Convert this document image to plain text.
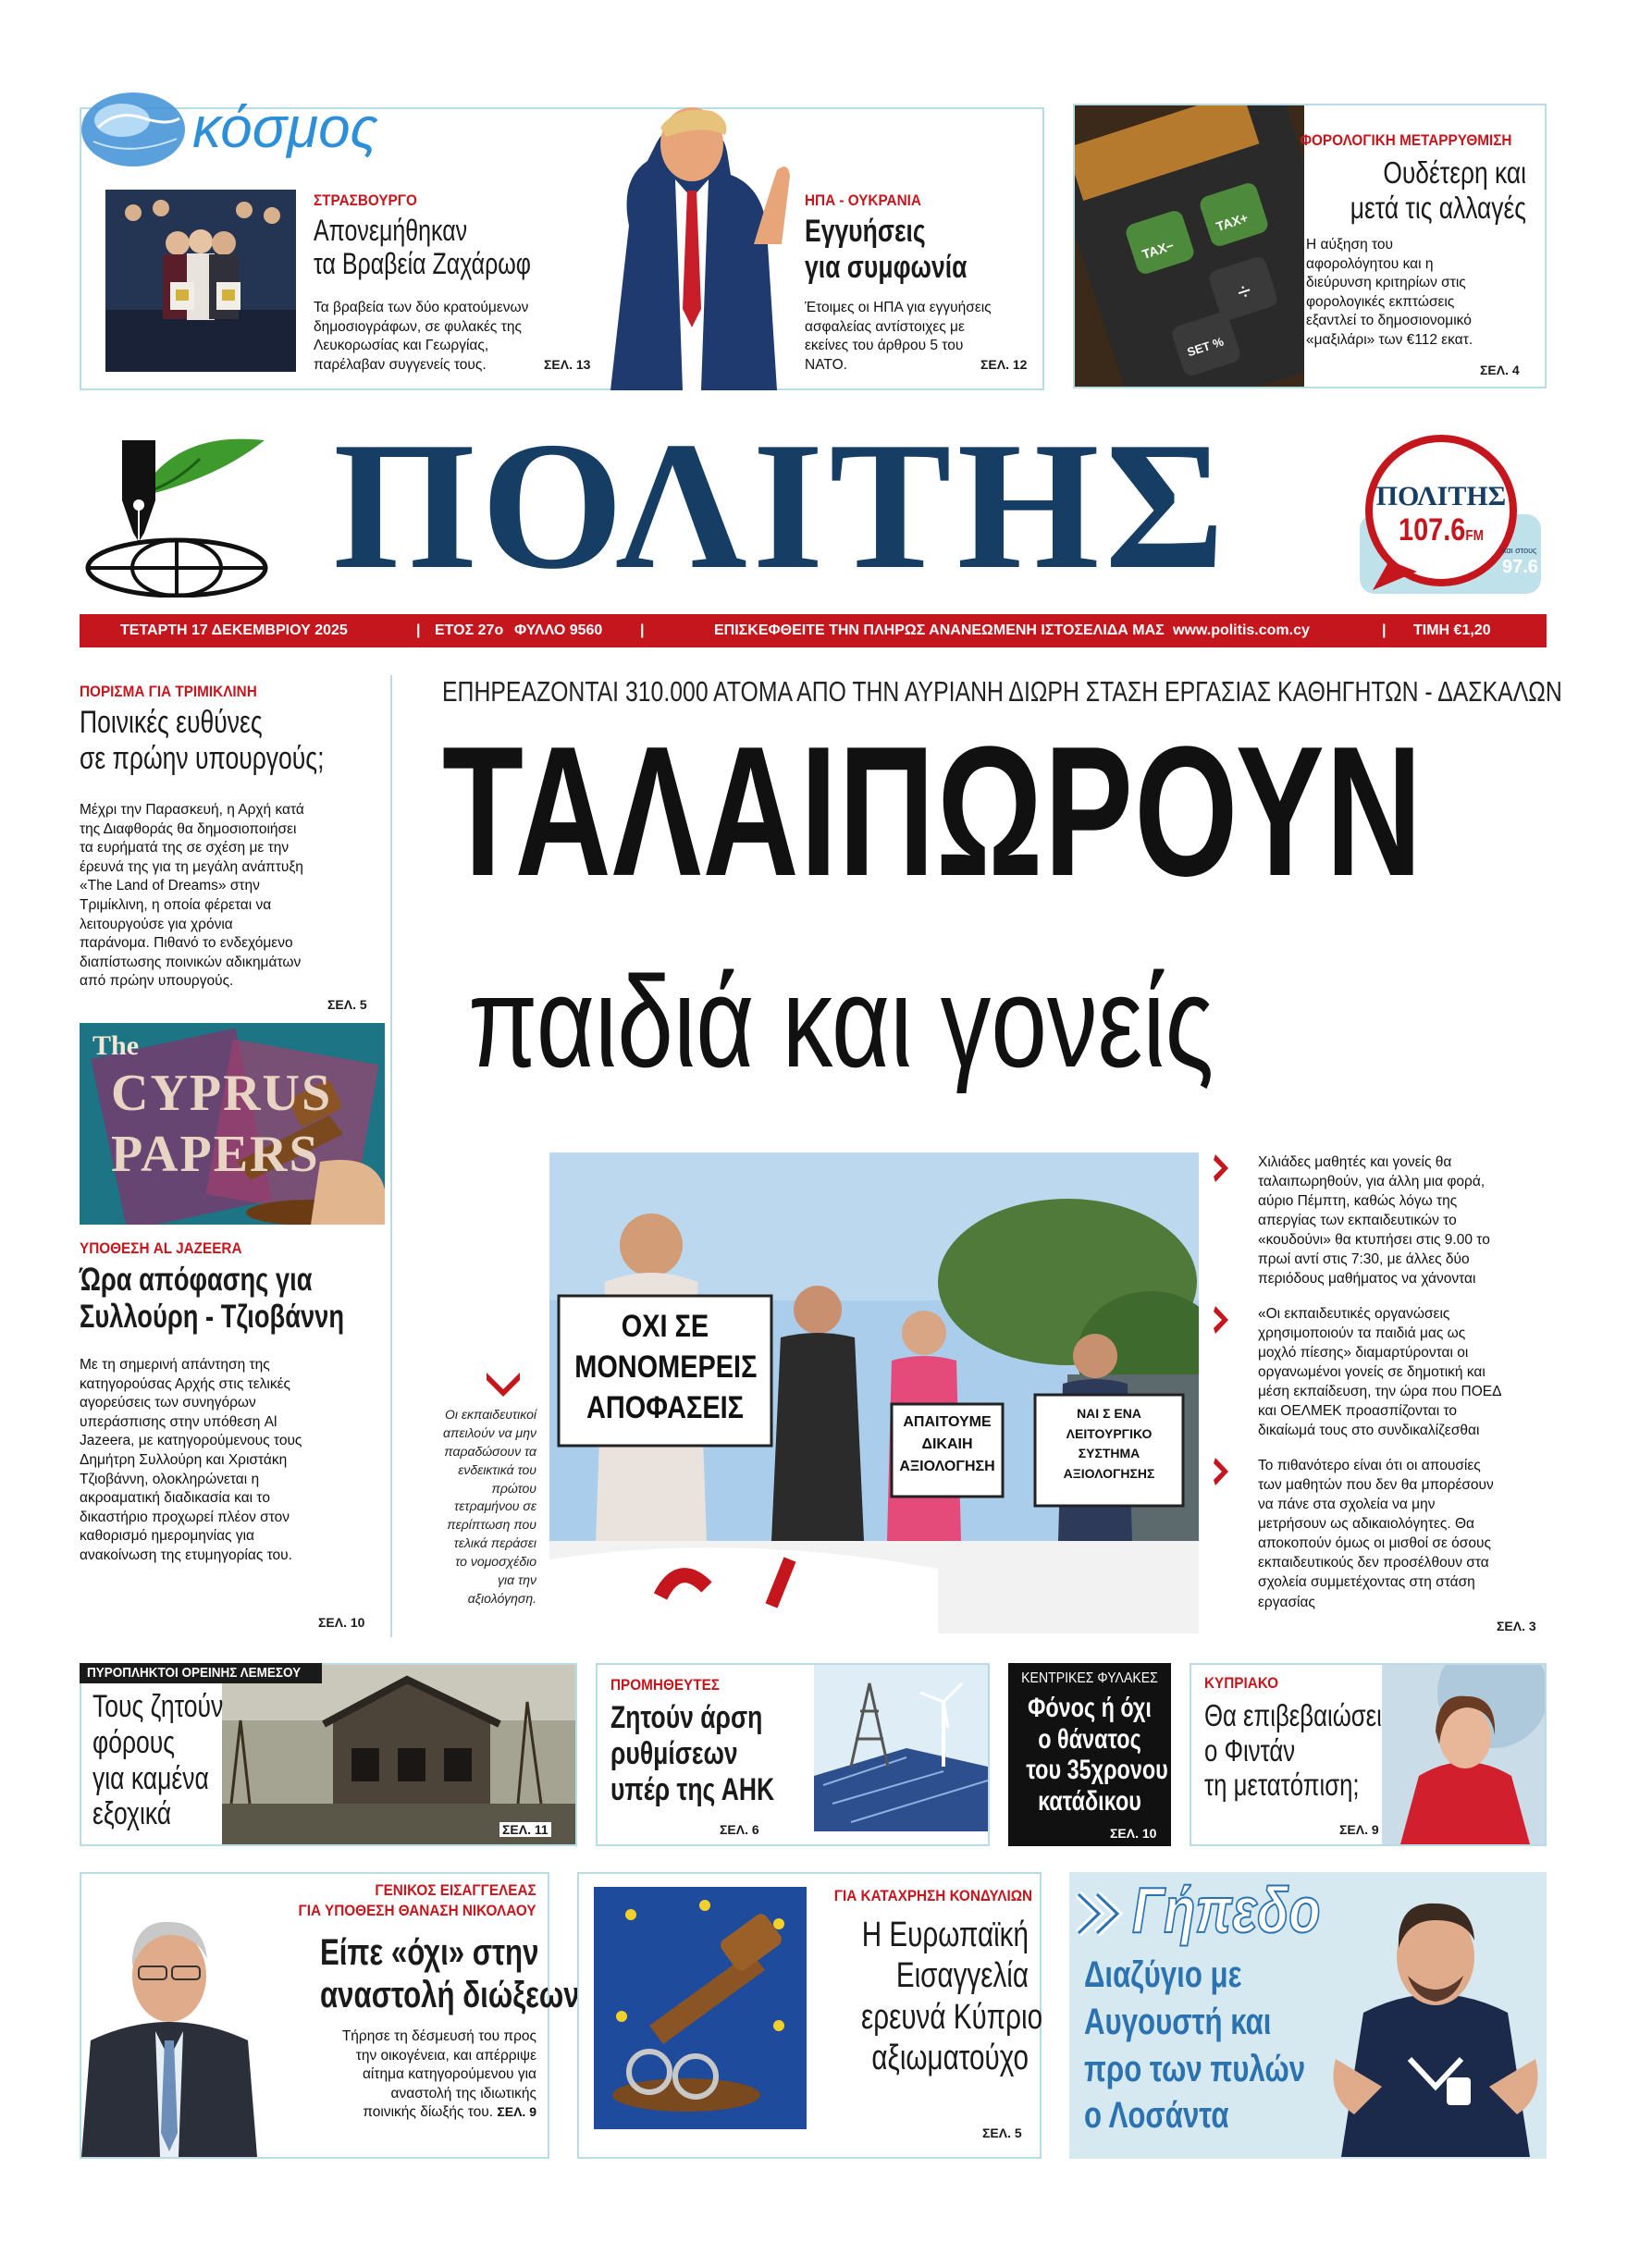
κόσμος
ΣΤΡΑΣΒΟΥΡΓΟ
Απονεμήθηκαν
τα Βραβεία Ζαχάρωφ
Τα βραβεία των δύο κρατούμενων
δημοσιογράφων, σε φυλακές της
Λευκορωσίας και Γεωργίας,
παρέλαβαν συγγενείς τους.	ΣΕΛ. 13
ΗΠΑ - ΟΥΚΡΑΝΙΑ
Εγγυήσεις
για συμφωνία
Έτοιμες οι ΗΠΑ για εγγυήσεις
ασφαλείας αντίστοιχες με
εκείνες του άρθρου 5 του
ΝΑΤΟ.	ΣΕΛ. 12
TAX−
TAX+
÷
SET %
ΦΟΡΟΛΟΓΙΚΗ ΜΕΤΑΡΡΥΘΜΙΣΗ
Ουδέτερη και
μετά τις αλλαγές
Η αύξηση του
αφορολόγητου και η
διεύρυνση κριτηρίων στις
φορολογικές εκπτώσεις
εξαντλεί το δημοσιονομικό
«μαξιλάρι» των €112 εκατ.
ΣΕΛ. 4
ΠΟΛΙΤΗΣ	ΠΟΛΙΤΗΣ
107.6FM
και στους
97.6
ΤΕΤΑΡΤΗ 17 ΔΕΚΕΜΒΡΙΟΥ 2025	| ΕΤΟΣ 27ο ΦΥΛΛΟ 9560	|	ΕΠΙΣΚΕΦΘΕΙΤΕ ΤΗΝ ΠΛΗΡΩΣ ΑΝΑΝΕΩΜΕΝΗ ΙΣΤΟΣΕΛΙΔΑ ΜΑΣ www.politis.com.cy	| ΤΙΜΗ €1,20
ΠΟΡΙΣΜΑ ΓΙΑ ΤΡΙΜΙΚΛΙΝΗ
Ποινικές ευθύνες
σε πρώην υπουργούς;
Μέχρι την Παρασκευή, η Αρχή κατά
της Διαφθοράς θα δημοσιοποιήσει
τα ευρήματά της σε σχέση με την
έρευνά της για τη μεγάλη ανάπτυξη
«The Land of Dreams» στην
Τριμίκλινη, η οποία φέρεται να
λειτουργούσε για χρόνια
παράνομα. Πιθανό το ενδεχόμενο
διαπίστωσης ποινικών αδικημάτων
από πρώην υπουργούς.
ΣΕΛ. 5
The
CYPRUS
PAPERS
ΥΠΟΘΕΣΗ AL JAZEERA
Ώρα απόφασης για
Συλλούρη - Τζιοβάννη
Με τη σημερινή απάντηση της
κατηγορούσας Αρχής στις τελικές
αγορεύσεις των συνηγόρων
υπεράσπισης στην υπόθεση Al
Jazeera, με κατηγορούμενους τους
Δημήτρη Συλλούρη και Χριστάκη
Τζιοβάννη, ολοκληρώνεται η
ακροαματική διαδικασία και το
δικαστήριο προχωρεί πλέον στον
καθορισμό ημερομηνίας για
ανακοίνωση της ετυμηγορίας του.
ΣΕΛ. 10
ΕΠΗΡΕΑΖΟΝΤΑΙ 310.000 ΑΤΟΜΑ ΑΠΟ ΤΗΝ ΑΥΡΙΑΝΗ ΔΙΩΡΗ ΣΤΑΣΗ ΕΡΓΑΣΙΑΣ ΚΑΘΗΓΗΤΩΝ - ΔΑΣΚΑΛΩΝ
ΤΑΛΑΙΠΩΡΟΥΝ
παιδιά και γονείς
Οι εκπαιδευτικοί
απειλούν να μην
παραδώσουν τα
ενδεικτικά του
πρώτου
τετραμήνου σε
περίπτωση που
τελικά περάσει
το νομοσχέδιο
για την
αξιολόγηση.
ΟΧΙ ΣΕ
ΜΟΝΟΜΕΡΕΙΣ
ΑΠΟΦΑΣΕΙΣ	ΑΠΑΙΤΟΥΜΕ
ΔΙΚΑΙΗ
ΑΞΙΟΛΟΓΗΣΗ
ΝΑΙ Σ ΕΝΑ
ΛΕΙΤΟΥΡΓΙΚΟ
ΣΥΣΤΗΜΑ
ΑΞΙΟΛΟΓΗΣΗΣ
Χιλιάδες μαθητές και γονείς θα
ταλαιπωρηθούν, για άλλη μια φορά,
αύριο Πέμπτη, καθώς λόγω της
απεργίας των εκπαιδευτικών το
«κουδούνι» θα κτυπήσει στις 9.00 το
πρωί αντί στις 7:30, με άλλες δύο
περιόδους μαθήματος να χάνονται
«Οι εκπαιδευτικές οργανώσεις
χρησιμοποιούν τα παιδιά μας ως
μοχλό πίεσης» διαμαρτύρονται οι
οργανωμένοι γονείς σε δημοτική και
μέση εκπαίδευση, την ώρα που ΠΟΕΔ
και ΟΕΛΜΕΚ προασπίζονται το
δικαίωμά τους στο συνδικαλίζεσθαι
Το πιθανότερο είναι ότι οι απουσίες
των μαθητών που δεν θα μπορέσουν
να πάνε στα σχολεία να μην
μετρήσουν ως αδικαιολόγητες. Θα
αποκοπούν όμως οι μισθοί σε όσους
εκπαιδευτικούς δεν προσέλθουν στα
σχολεία συμμετέχοντας στη στάση
εργασίας
ΣΕΛ. 3
ΠΥΡΟΠΛΗΚΤΟΙ ΟΡΕΙΝΗΣ ΛΕΜΕΣΟΥ
Τους ζητούν
φόρους
για καμένα
εξοχικά	ΣΕΛ. 11
ΠΡΟΜΗΘΕΥΤΕΣ
Ζητούν άρση
ρυθμίσεων
υπέρ της ΑΗΚ
ΣΕΛ. 6
ΚΕΝΤΡΙΚΕΣ ΦΥΛΑΚΕΣ
Φόνος ή όχι
ο θάνατος
του 35χρονου
κατάδικου
ΣΕΛ. 10
ΚΥΠΡΙΑΚΟ
Θα επιβεβαιώσει
ο Φιντάν
τη μετατόπιση;
ΣΕΛ. 9
ΓΕΝΙΚΟΣ ΕΙΣΑΓΓΕΛΕΑΣ
ΓΙΑ ΥΠΟΘΕΣΗ ΘΑΝΑΣΗ ΝΙΚΟΛΑΟΥ
Είπε «όχι» στην
αναστολή διώξεων
Τήρησε τη δέσμευσή του προς
την οικογένεια, και απέρριψε
αίτημα κατηγορούμενου για
αναστολή της ιδιωτικής
ποινικής δίωξής του. ΣΕΛ. 9
ΓΙΑ ΚΑΤΑΧΡΗΣΗ ΚΟΝΔΥΛΙΩΝ
Η Ευρωπαϊκή
Εισαγγελία
ερευνά Κύπριο
αξιωματούχο
ΣΕΛ. 5
Γήπεδο
Διαζύγιο με
Αυγουστή και
προ των πυλών
ο Λοσάντα
